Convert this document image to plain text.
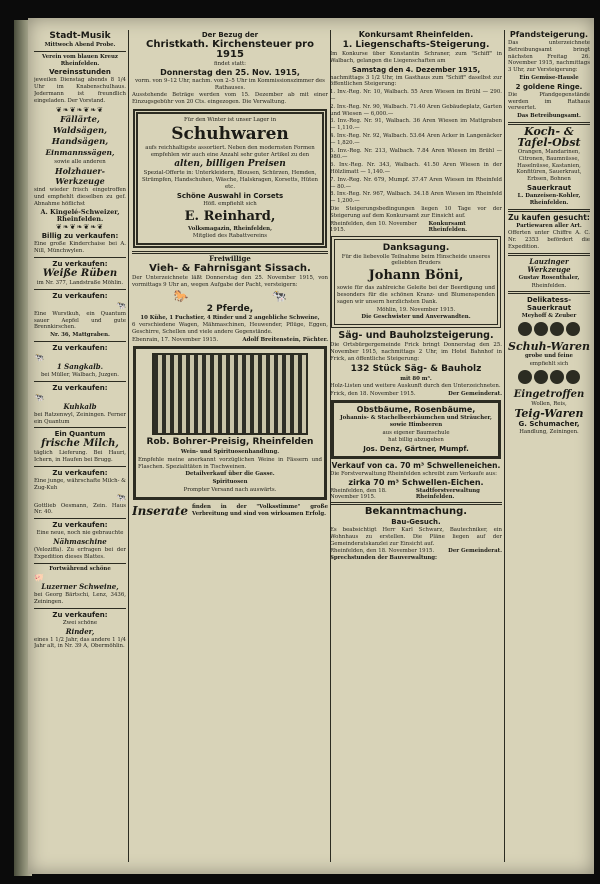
Stadt-Musik
Mittwoch Abend Probe.
Verein vom blauen Kreuz Rheinfelden.
Vereinsstunden
jeweilen Dienstag abends 8 1/4 Uhr im Knabenschulhaus. Jedermann ist freundlich eingeladen. Der Vorstand.
❦❧❦❧❦❧❦
Fällärte,
Waldsägen,
Handsägen,
Einmannssägen,
sowie alle anderen
Holzhauer-Werkzeuge
sind wieder frisch eingetroffen und empfiehlt dieselben zu gef. Abnahme höflichst
A. Kingelé-Schweizer, Rheinfelden.
❦❧❦❧❦❧❦
Billig zu verkaufen:
Eine große Kinderchaise bei A. Nill, Münchwylen.
Zu verkaufen:
Weiße Rüben
im Nr. 377, Landstraße Möhlin.
Zu verkaufen:
🐄
Eine Wurstkuh, ein Quantum sauer Aepfel und gute Brennkirschen.
Nr. 36, Mattgraben.
Zu verkaufen:
🐄
1 Sangkalb.
bei Müller, Walbach, Juzgen.
Zu verkaufen:
🐄
Kuhkalb
bei Ratzenwyl, Zeiningen. Ferner ein Quantum
Ein Quantum
frische Milch,
täglich Lieferung. Bei Hauri, Ichern, in Haufen bei Brugg.
Zu verkaufen:
Eine junge, währschafte Milch- & Zug-Kuh
🐄
Gottlieb Oesmann, Zein. Haus Nr. 40.
Zu verkaufen:
Eine neue, noch nie gebrauchte
Nähmaschine
(Veloziffa). Zu erfragen bei der Expedition dieses Blattes.
Fortwährend schöne
🐖
Luzerner Schweine,
bei Georg Bärtschi, Lenz, 3436, Zeiningen.
Zu verkaufen:
Zwei schöne
Rinder,
eines 1 1/2 Jahr, das andere 1 1/4 Jahr alt, in Nr. 39 A, Obermöhlin.
Der Bezug der
Christkath. Kirchensteuer pro 1915
findet statt:
Donnerstag den 25. Nov. 1915,
vorm. von 9–12 Uhr, nachm. von 2–5 Uhr im Kommissionszimmer des Rathauses.
Ausstehende Beträge werden vom 15. Dezember ab mit einer Einzugsgebühr von 20 Cts. eingezogen. Die Verwaltung.
Für den Winter ist unser Lager in
Schuhwaren
aufs reichhaltigste assortiert. Neben den modernsten Formen empfehlen wir auch eine Anzahl sehr guter Artikel zu den
alten, billigen Preisen
Spezial-Offerte in: Unterkleidern, Blousen, Schürzen, Hemden, Strümpfen, Handschuhen, Wäsche, Halskragen, Korsetts, Hüten etc.
Schöne Auswahl in Corsets
Höfl. empfiehlt sich
E. Reinhard,
Volksmagazin, Rheinfelden,
Mitglied des Rabattvereins
Freiwillige
Vieh- & Fahrnisgant Sissach.
Der Unterzeichnete läßt Donnerstag den 25. November 1915, von vormittags 9 Uhr an, wegen Aufgabe der Pacht, versteigern:
🐎	🐄
2 Pferde,
10 Kühe, 1 Fuchstier, 4 Rinder und 2 angebliche Schweine,
6 verschiedene Wagen, Mähmaschinen, Heuwender, Pflüge, Eggen, Geschirre, Schellen und viele andere Gegenstände.
Ebenrain, 17. November 1915.	Adolf Breitenstein, Pächter.
Rob. Bohrer-Preisig, Rheinfelden
Wein- und Spirituosenhandlung.
Empfehle meine anerkannt vorzüglichen Weine in Fässern und Flaschen. Spezialitäten in Tischweinen.
Detailverkauf über die Gasse.
Spirituosen
Prompter Versand nach auswärts.
Inserate finden in der "Volksstimme" große Verbreitung und sind von wirksamen Erfolg.
Konkursamt Rheinfelden.
1. Liegenschafts-Steigerung.
Im Konkurse über Konstantin Schraner, zum "Schiff" in Walbach, gelangen die Liegenschaften am
Samstag den 4. Dezember 1915,
nachmittags 3 1/2 Uhr, im Gasthaus zum "Schiff" daselbst zur öffentlichen Steigerung:
1. Inv.-Reg. Nr. 10, Walbach. 55 Aren Wiesen im Brühl — 290.—
2. Inv.-Reg. Nr. 90, Walbach. 71.40 Aren Gebäudeplatz, Garten und Wiesen — 6,000.—
3. Inv.-Reg. Nr. 91, Walbach. 36 Aren Wiesen im Mattgraben — 1,110.—
4. Inv.-Reg. Nr. 92, Walbach. 53.64 Aren Acker in Langenäcker — 1,820.—
5. Inv.-Reg. Nr. 213, Walbach. 7.84 Aren Wiesen im Brühl — 980.—
6. Inv.-Reg. Nr. 343, Walbach. 41.50 Aren Wiesen in der Hölzlimatt — 1,140.—
7. Inv.-Reg. Nr. 679, Mumpf. 37.47 Aren Wiesen im Rheinfeld — 80.—
8. Inv.-Reg. Nr. 967, Walbach. 34.18 Aren Wiesen im Rheinfeld — 1,200.—
Die Steigerungsbedingungen liegen 10 Tage vor der Steigerung auf dem Konkursamt zur Einsicht auf.
Rheinfelden, den 10. November 1915.
Konkursamt Rheinfelden.
Danksagung.
Für die liebevolle Teilnahme beim Hinscheide unseres geliebten Bruders
Johann Böni,
sowie für das zahlreiche Geleite bei der Beerdigung und besonders für die schönen Kranz- und Blumenspenden sagen wir unsern herzlichsten Dank.
Möhlin, 19. November 1915.
Die Geschwister und Anverwandten.
Säg- und Bauholzsteigerung.
Die Ortsbürgergemeinde Frick bringt Donnerstag den 25. November 1915, nachmittags 2 Uhr, im Hotel Bahnhof in Frick, an öffentliche Steigerung:
132 Stück Säg- & Bauholz
mit 80 m³.
Holz-Listen und weitere Auskunft durch den Unterzeichneten.
Frick, den 18. November 1915.	Der Gemeinderat.
Obstbäume, Rosenbäume,
Johannis- & Stachelbeerbäumchen und Sträucher, sowie Himbeeren
aus eigener Baumschule
hat billig abzugeben
Jos. Denz, Gärtner, Mumpf.
Verkauf von ca. 70 m³ Schwelleneichen.
Die Forstverwaltung Rheinfelden schreibt zum Verkaufe aus:
zirka 70 m³ Schwellen-Eichen.
Rheinfelden, den 18. November 1915.
Stadtforstverwaltung Rheinfelden.
Bekanntmachung.
Bau-Gesuch.
Es beabsichtigt Herr Karl Schwarz, Bautechniker, ein Wohnhaus zu erstellen. Die Pläne liegen auf der Gemeinderatskanzlei zur Einsicht auf.
Rheinfelden, den 18. November 1915.	Der Gemeinderat.
Sprechstunden der Bauverwaltung:
Pfandsteigerung.
Das unterzeichnete Betreibungsamt bringt nächsten Freitag 26. November 1915, nachmittags 3 Uhr, zur Versteigerung:
Ein Gemüse-Hausle
2 goldene Ringe.
Die Pfandgegenstände werden im Rathaus verwertet.
Das Betreibungsamt.
Koch- &
Tafel-Obst
Orangen, Mandarinen, Citronen, Baumnüsse, Haselnüsse, Kastanien, Konfitüren, Sauerkraut, Erbsen, Bohnen
Sauerkraut
L. Danzeisen-Kohler, Rheinfelden.
Zu kaufen gesucht:
Partiewaren aller Art.
Offerten unter Chiffre A. C. Nr. 2353 befördert die Expedition.
Lauzinger Werkzeuge
Gustav Rosenthaler,
Rheinfelden.
Delikatess-Sauerkraut
Meyhoff & Zeuber
Schuh-Waren
grobe und feine
empfiehlt sich
Eingetroffen
Wollen, Reis,
Teig-Waren
G. Schumacher,
Handlung, Zeiningen.
